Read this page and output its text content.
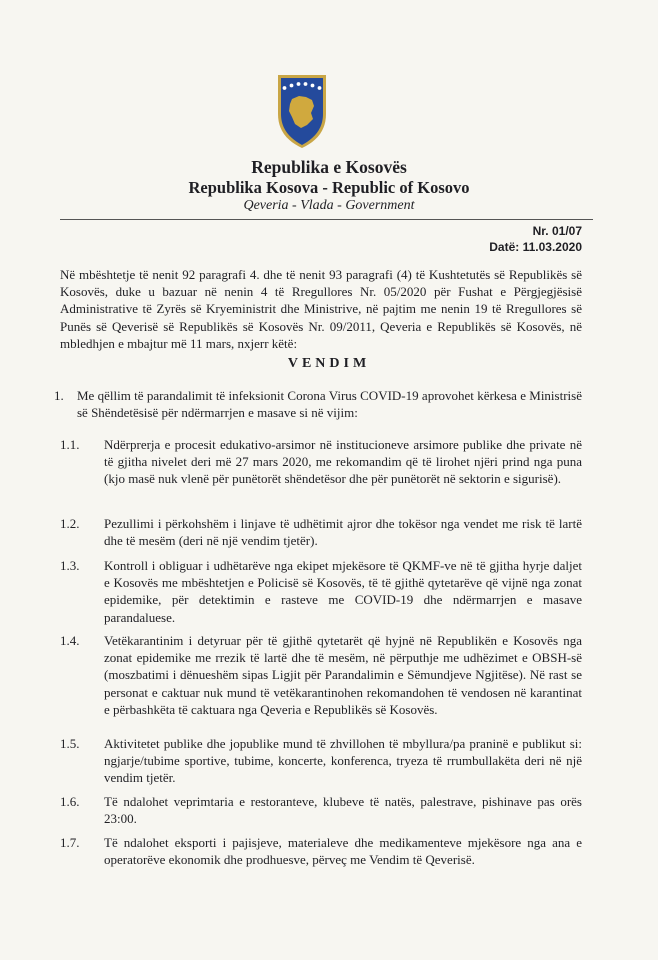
Republika e Kosovës
Republika Kosova - Republic of Kosovo
Qeveria - Vlada - Government
Nr. 01/07
Datë: 11.03.2020

Në mbështetje të nenit 92 paragrafi 4. dhe të nenit 93 paragrafi (4) të Kushtetutës së Republikës së Kosovës, duke u bazuar në nenin 4 të Rregullores Nr. 05/2020 për Fushat e Përgjegjësisë Administrative të Zyrës së Kryeministrit dhe Ministrive, në pajtim me nenin 19 të Rregullores së Punës së Qeverisë së Republikës së Kosovës Nr. 09/2011, Qeveria e Republikës së Kosovës, në mbledhjen e mbajtur më 11 mars, nxjerr këtë:

VENDIM
1. Me qëllim të parandalimit të infeksionit Corona Virus COVID-19 aprovohet kërkesa e Ministrisë së Shëndetësisë për ndërmarrjen e masave si në vijim:

1.1. Ndërprerja e procesit edukativo-arsimor në institucioneve arsimore publike dhe private në të gjitha nivelet deri më 27 mars 2020, me rekomandim që të lirohet njëri prind nga puna (kjo masë nuk vlenë për punëtorët shëndetësor dhe për punëtorët në sektorin e sigurisë).

1.2. Pezullimi i përkohshëm i linjave të udhëtimit ajror dhe tokësor nga vendet me risk të lartë dhe të mesëm (deri në një vendim tjetër).

1.3. Kontroll i obliguar i udhëtarëve nga ekipet mjekësore të QKMF-ve në të gjitha hyrje daljet e Kosovës me mbështetjen e Policisë së Kosovës, të të gjithë qytetarëve që vijnë nga zonat epidemike, për detektimin e rasteve me COVID-19 dhe ndërmarrjen e masave parandaluese.

1.4. Vetëkarantinim i detyruar për të gjithë qytetarët që hyjnë në Republikën e Kosovës nga zonat epidemike me rrezik të lartë dhe të mesëm, në përputhje me udhëzimet e OBSH-së (moszbatimi i dënueshëm sipas Ligjit për Parandalimin e Sëmundjeve Ngjitëse). Në rast se personat e caktuar nuk mund të vetëkarantinohen rekomandohen të vendosen në karantinat e përbashkëta të caktuara nga Qeveria e Republikës së Kosovës.

1.5. Aktivitetet publike dhe jopublike mund të zhvillohen të mbyllura/pa praninë e publikut si: ngjarje/tubime sportive, tubime, koncerte, konferenca, tryeza të rrumbullakëta deri në një vendim tjetër.

1.6. Të ndalohet veprimtaria e restoranteve, klubeve të natës, palestrave, pishinave pas orës 23:00.

1.7. Të ndalohet eksporti i pajisjeve, materialeve dhe medikamenteve mjekësore nga ana e operatorëve ekonomik dhe prodhuesve, përveç me Vendim të Qeverisë.
